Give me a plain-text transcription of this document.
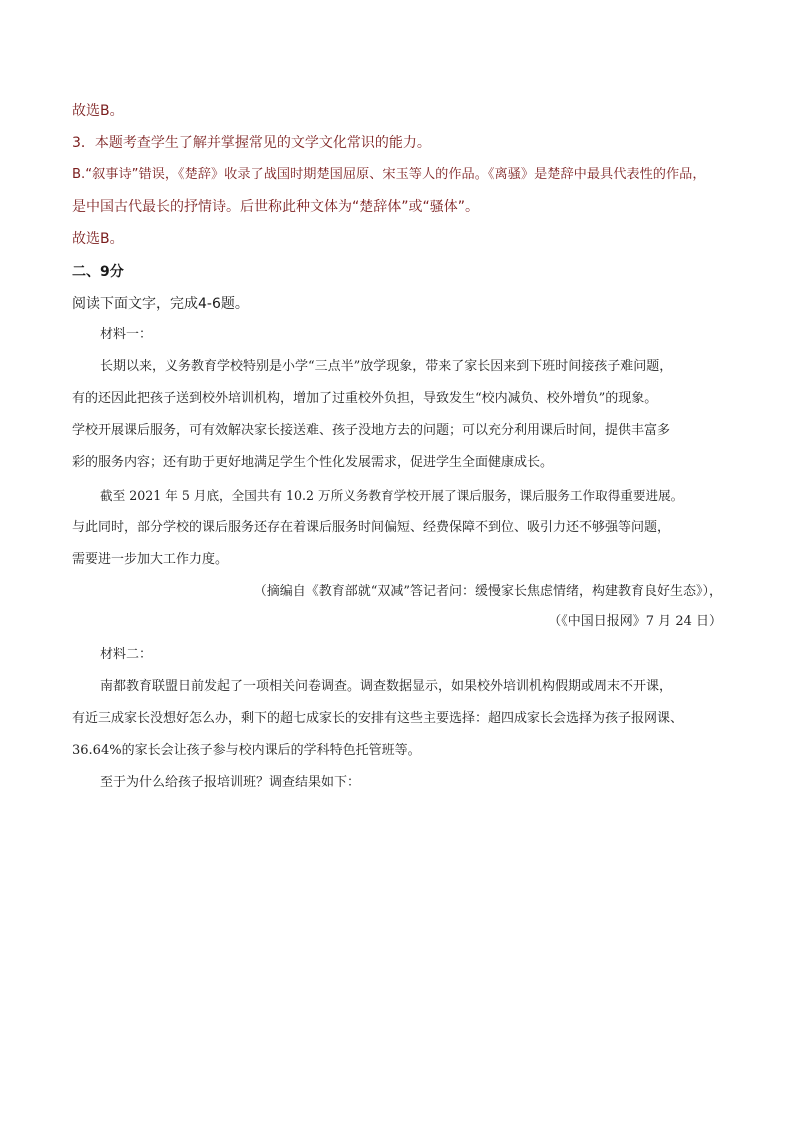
故选B。
3．本题考查学生了解并掌握常见的文学文化常识的能力。
B.“叙事诗”错误，《楚辞》收录了战国时期楚国屈原、宋玉等人的作品。《离骚》是楚辞中最具代表性的作品，
是中国古代最长的抒情诗。后世称此种文体为“楚辞体”或“骚体”。
故选B。
二、9分
阅读下面文字，完成4-6题。
材料一：
长期以来，义务教育学校特别是小学“三点半”放学现象，带来了家长因来到下班时间接孩子难问题，
有的还因此把孩子送到校外培训机构，增加了过重校外负担，导致发生“校内减负、校外增负”的现象。
学校开展课后服务，可有效解决家长接送难、孩子没地方去的问题；可以充分利用课后时间，提供丰富多
彩的服务内容；还有助于更好地满足学生个性化发展需求，促进学生全面健康成长。
截至 2021 年 5 月底，全国共有 10.2 万所义务教育学校开展了课后服务，课后服务工作取得重要进展。
与此同时，部分学校的课后服务还存在着课后服务时间偏短、经费保障不到位、吸引力还不够强等问题，
需要进一步加大工作力度。
（摘编自《教育部就“双减”答记者问：缓慢家长焦虑情绪，构建教育良好生态》），
（《中国日报网》7 月 24 日）
材料二：
南都教育联盟日前发起了一项相关问卷调查。调查数据显示，如果校外培训机构假期或周末不开课，
有近三成家长没想好怎么办，剩下的超七成家长的安排有这些主要选择：超四成家长会选择为孩子报网课、
36.64%的家长会让孩子参与校内课后的学科特色托管班等。
至于为什么给孩子报培训班？调查结果如下：
